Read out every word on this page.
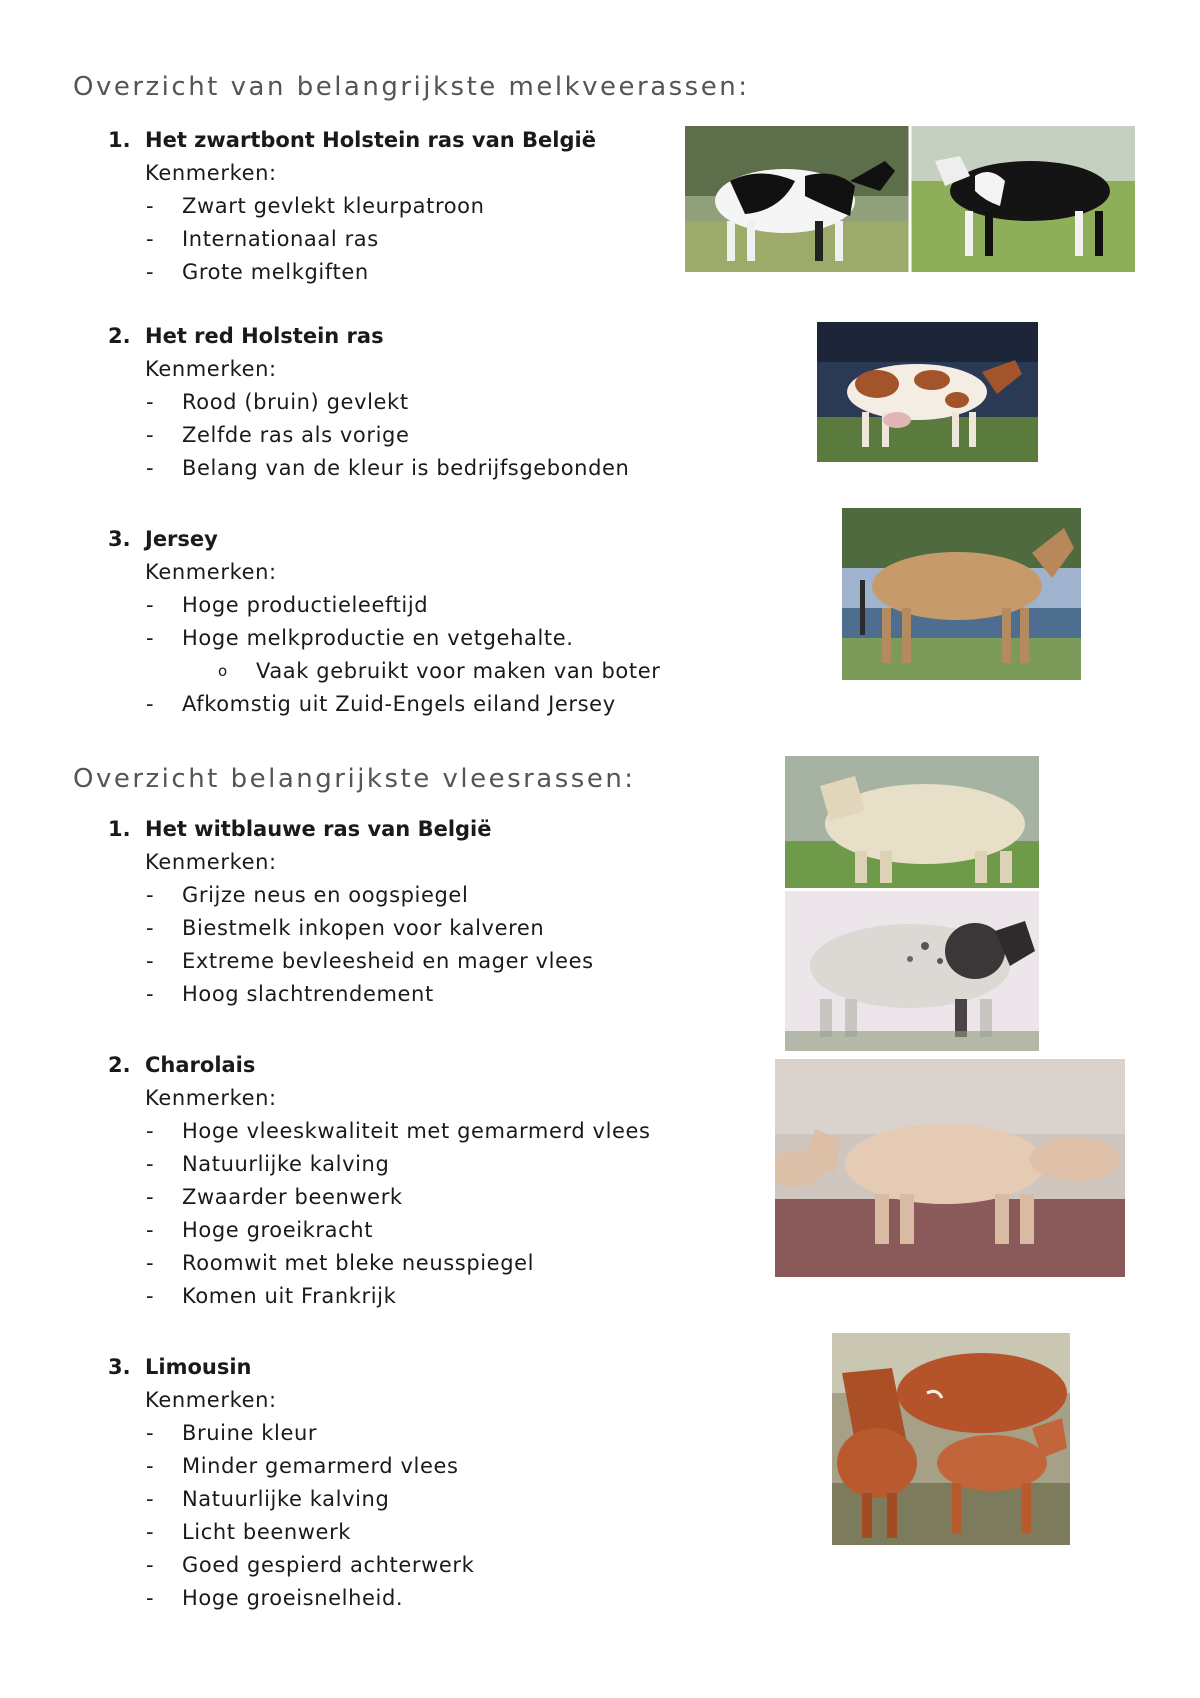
Overzicht van belangrijkste melkveerassen:
1. Het zwartbont Holstein ras van België
Kenmerken:
- Zwart gevlekt kleurpatroon
- Internationaal ras
- Grote melkgiften
2. Het red Holstein ras
Kenmerken:
- Rood (bruin) gevlekt
- Zelfde ras als vorige
- Belang van de kleur is bedrijfsgebonden
3. Jersey
Kenmerken:
- Hoge productieleeftijd
- Hoge melkproductie en vetgehalte.
o Vaak gebruikt voor maken van boter
- Afkomstig uit Zuid-Engels eiland Jersey
Overzicht belangrijkste vleesrassen:
1. Het witblauwe ras van België
Kenmerken:
- Grijze neus en oogspiegel
- Biestmelk inkopen voor kalveren
- Extreme bevleesheid en mager vlees
- Hoog slachtrendement
2. Charolais
Kenmerken:
- Hoge vleeskwaliteit met gemarmerd vlees
- Natuurlijke kalving
- Zwaarder beenwerk
- Hoge groeikracht
- Roomwit met bleke neusspiegel
- Komen uit Frankrijk
3. Limousin
Kenmerken:
- Bruine kleur
- Minder gemarmerd vlees
- Natuurlijke kalving
- Licht beenwerk
- Goed gespierd achterwerk
- Hoge groeisnelheid.
